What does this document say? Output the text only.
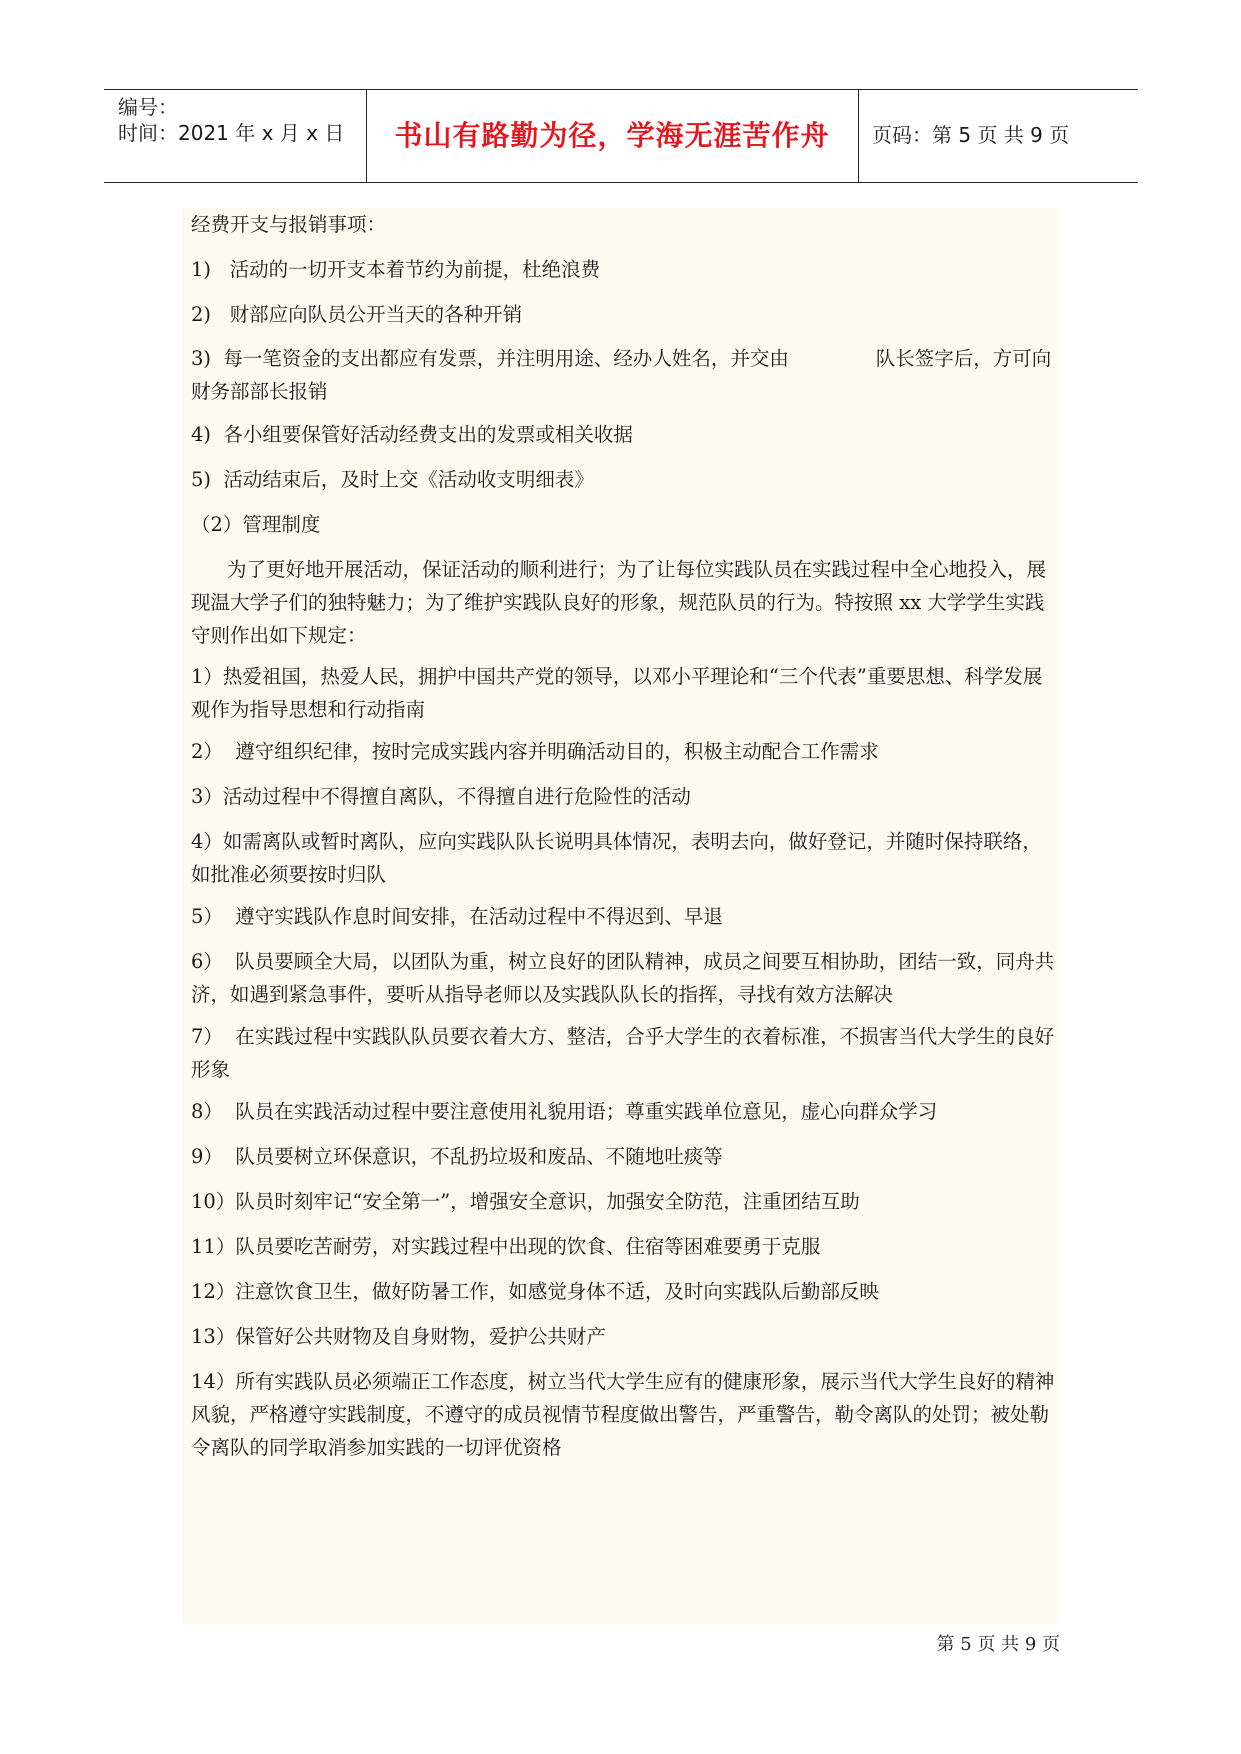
编号：
时间：2021 年 x 月 x 日	书山有路勤为径，学海无涯苦作舟	页码：第 5 页 共 9 页

经费开支与报销事项：

1)   活动的一切开支本着节约为前提，杜绝浪费

2)   财部应向队员公开当天的各种开销

3)  每一笔资金的支出都应有发票，并注明用途、经办人姓名，并交由              队长签字后，方可向财务部部长报销

4)  各小组要保管好活动经费支出的发票或相关收据

5)  活动结束后，及时上交《活动收支明细表》

（2）管理制度

为了更好地开展活动，保证活动的顺利进行；为了让每位实践队员在实践过程中全心地投入，展现温大学子们的独特魅力；为了维护实践队良好的形象，规范队员的行为。特按照 xx 大学学生实践守则作出如下规定：

1）热爱祖国，热爱人民，拥护中国共产党的领导，以邓小平理论和“三个代表”重要思想、科学发展观作为指导思想和行动指南

2）  遵守组织纪律，按时完成实践内容并明确活动目的，积极主动配合工作需求

3）活动过程中不得擅自离队，不得擅自进行危险性的活动

4）如需离队或暂时离队，应向实践队队长说明具体情况，表明去向，做好登记，并随时保持联络，如批准必须要按时归队

5）  遵守实践队作息时间安排，在活动过程中不得迟到、早退

6）  队员要顾全大局，以团队为重，树立良好的团队精神，成员之间要互相协助，团结一致，同舟共济，如遇到紧急事件，要听从指导老师以及实践队队长的指挥，寻找有效方法解决

7）  在实践过程中实践队队员要衣着大方、整洁，合乎大学生的衣着标准，不损害当代大学生的良好形象

8）  队员在实践活动过程中要注意使用礼貌用语；尊重实践单位意见，虚心向群众学习

9）  队员要树立环保意识，不乱扔垃圾和废品、不随地吐痰等

10）队员时刻牢记“安全第一”，增强安全意识，加强安全防范，注重团结互助

11）队员要吃苦耐劳，对实践过程中出现的饮食、住宿等困难要勇于克服

12）注意饮食卫生，做好防暑工作，如感觉身体不适，及时向实践队后勤部反映

13）保管好公共财物及自身财物，爱护公共财产

14）所有实践队员必须端正工作态度，树立当代大学生应有的健康形象，展示当代大学生良好的精神风貌，严格遵守实践制度，不遵守的成员视情节程度做出警告，严重警告，勒令离队的处罚；被处勒令离队的同学取消参加实践的一切评优资格

第 5 页 共 9 页
